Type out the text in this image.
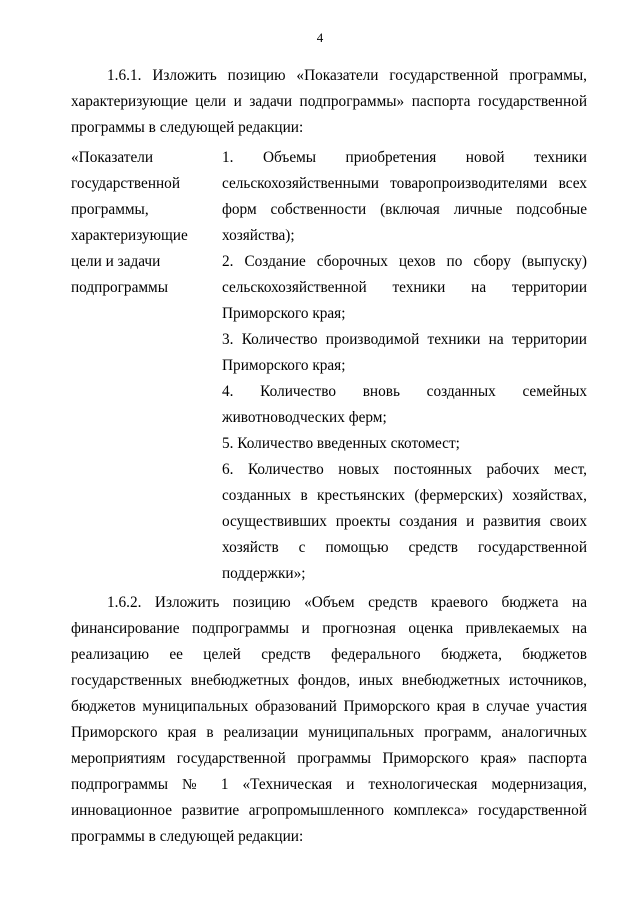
4

1.6.1. Изложить позицию «Показатели государственной программы, характеризующие цели и задачи подпрограммы» паспорта государственной программы в следующей редакции:

«Показатели государственной программы, характеризующие цели и задачи подпрограммы

1. Объемы приобретения новой техники сельскохозяйственными товаропроизводителями всех форм собственности (включая личные подсобные хозяйства);

2. Создание сборочных цехов по сбору (выпуску) сельскохозяйственной техники на территории Приморского края;

3. Количество производимой техники на территории Приморского края;

4. Количество вновь созданных семейных животноводческих ферм;

5. Количество введенных скотомест;

6. Количество новых постоянных рабочих мест, созданных в крестьянских (фермерских) хозяйствах, осуществивших проекты создания и развития своих хозяйств с помощью средств государственной поддержки»;

1.6.2. Изложить позицию «Объем средств краевого бюджета на финансирование подпрограммы и прогнозная оценка привлекаемых на реализацию ее целей средств федерального бюджета, бюджетов государственных внебюджетных фондов, иных внебюджетных источников, бюджетов муниципальных образований Приморского края в случае участия Приморского края в реализации муниципальных программ, аналогичных мероприятиям государственной программы Приморского края» паспорта подпрограммы № 1 «Техническая и технологическая модернизация, инновационное развитие агропромышленного комплекса» государственной программы в следующей редакции:
